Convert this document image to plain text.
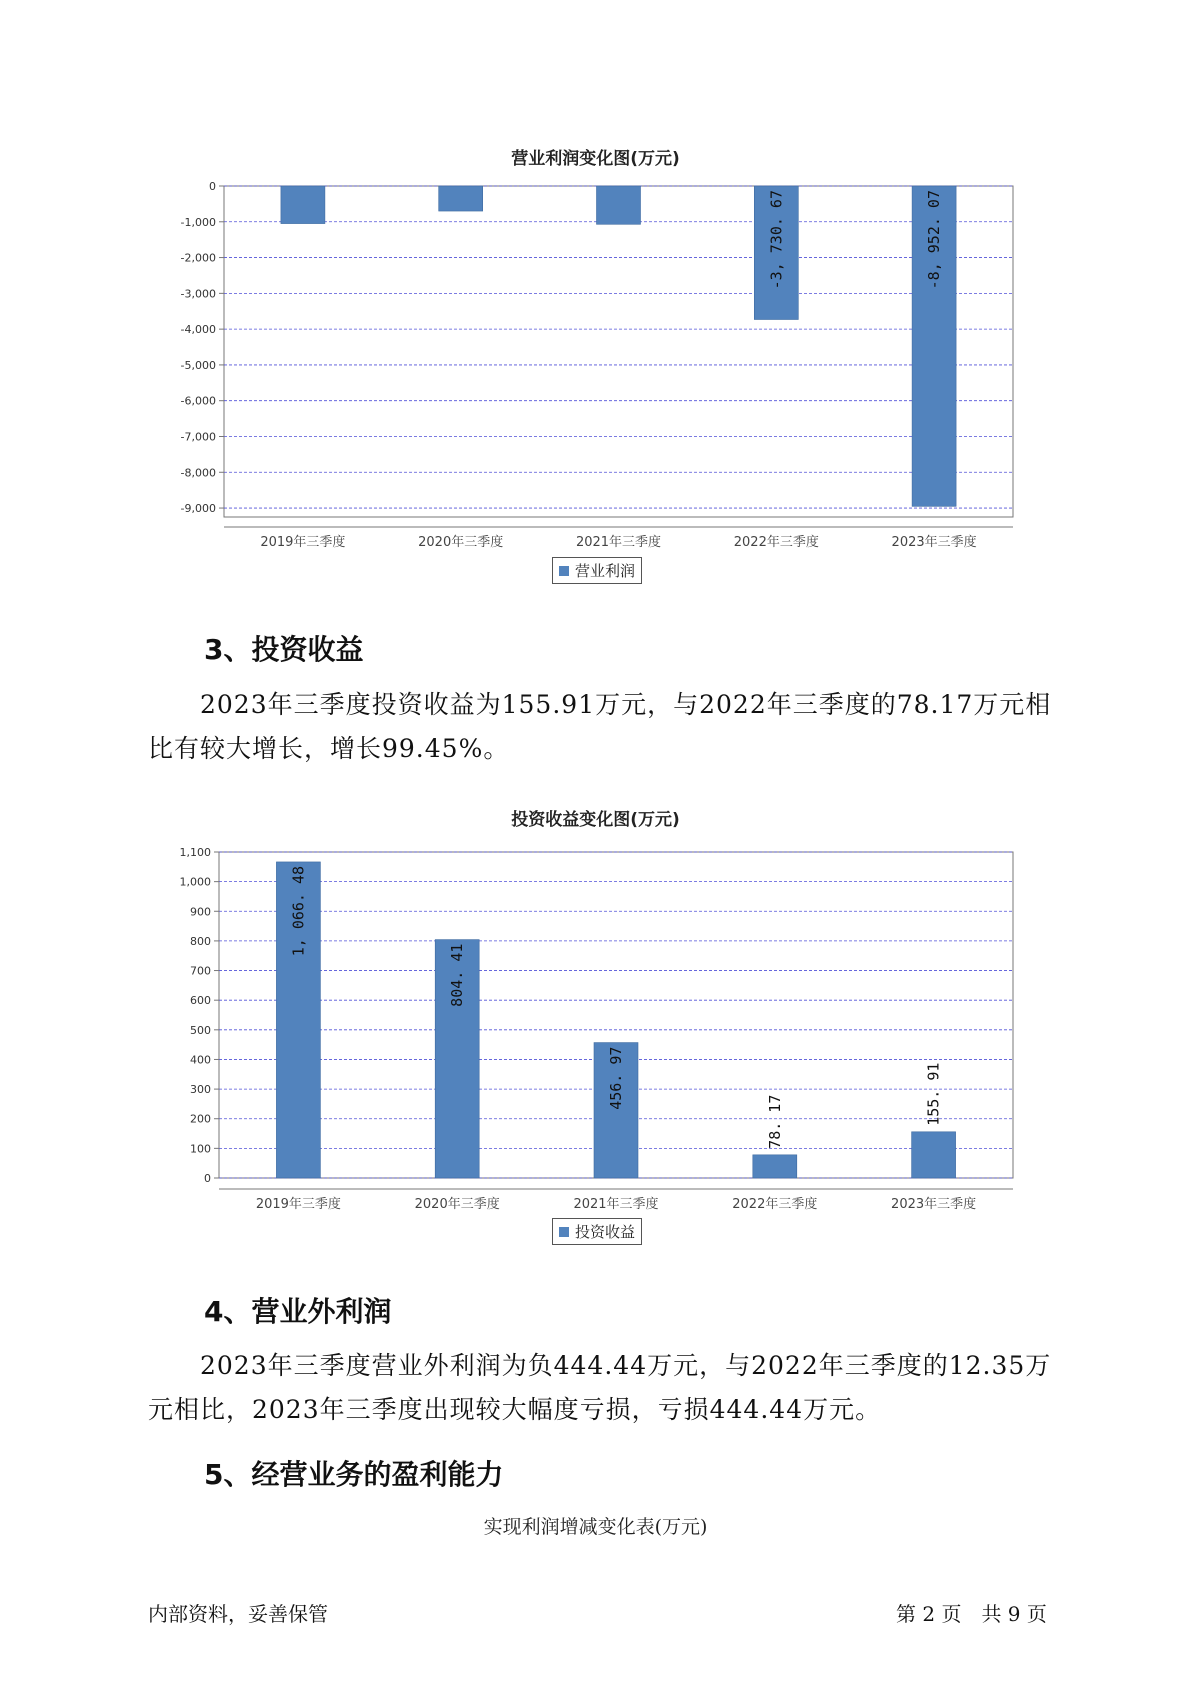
营业利润变化图(万元)
0
-1,000
-2,000
-3,000
-4,000
-5,000
-6,000
-7,000
-8,000
-9,000
2019年三季度	2020年三季度	2021年三季度	2022年三季度
-3, 730. 67
2023年三季度
-8, 952. 07
营业利润
3、投资收益
2023年三季度投资收益为155.91万元，与2022年三季度的78.17万元相比有较大增长，增长99.45%。
投资收益变化图(万元)
0
100
200
300
400
500
600
700
800
900
1,000
1,100
2019年三季度
1, 066. 48
2020年三季度
804. 41
2021年三季度
456. 97
2022年三季度
78. 17
2023年三季度
155. 91
投资收益
4、营业外利润
2023年三季度营业外利润为负444.44万元，与2022年三季度的12.35万元相比，2023年三季度出现较大幅度亏损，亏损444.44万元。
5、经营业务的盈利能力
实现利润增减变化表(万元)
内部资料，妥善保管	第 2 页　共 9 页
